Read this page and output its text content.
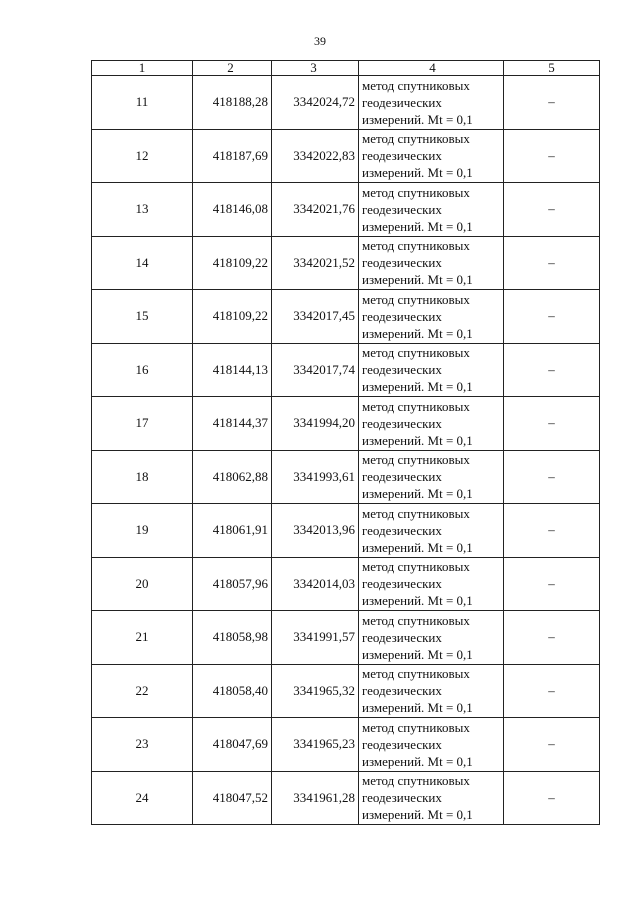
39
1	2	3	4	5
11	418188,28	3342024,72	метод спутниковых
геодезических
измерений. Mt = 0,1	–
12	418187,69	3342022,83	метод спутниковых
геодезических
измерений. Mt = 0,1	–
13	418146,08	3342021,76	метод спутниковых
геодезических
измерений. Mt = 0,1	–
14	418109,22	3342021,52	метод спутниковых
геодезических
измерений. Mt = 0,1	–
15	418109,22	3342017,45	метод спутниковых
геодезических
измерений. Mt = 0,1	–
16	418144,13	3342017,74	метод спутниковых
геодезических
измерений. Mt = 0,1	–
17	418144,37	3341994,20	метод спутниковых
геодезических
измерений. Mt = 0,1	–
18	418062,88	3341993,61	метод спутниковых
геодезических
измерений. Mt = 0,1	–
19	418061,91	3342013,96	метод спутниковых
геодезических
измерений. Mt = 0,1	–
20	418057,96	3342014,03	метод спутниковых
геодезических
измерений. Mt = 0,1	–
21	418058,98	3341991,57	метод спутниковых
геодезических
измерений. Mt = 0,1	–
22	418058,40	3341965,32	метод спутниковых
геодезических
измерений. Mt = 0,1	–
23	418047,69	3341965,23	метод спутниковых
геодезических
измерений. Mt = 0,1	–
24	418047,52	3341961,28	метод спутниковых
геодезических
измерений. Mt = 0,1	–
